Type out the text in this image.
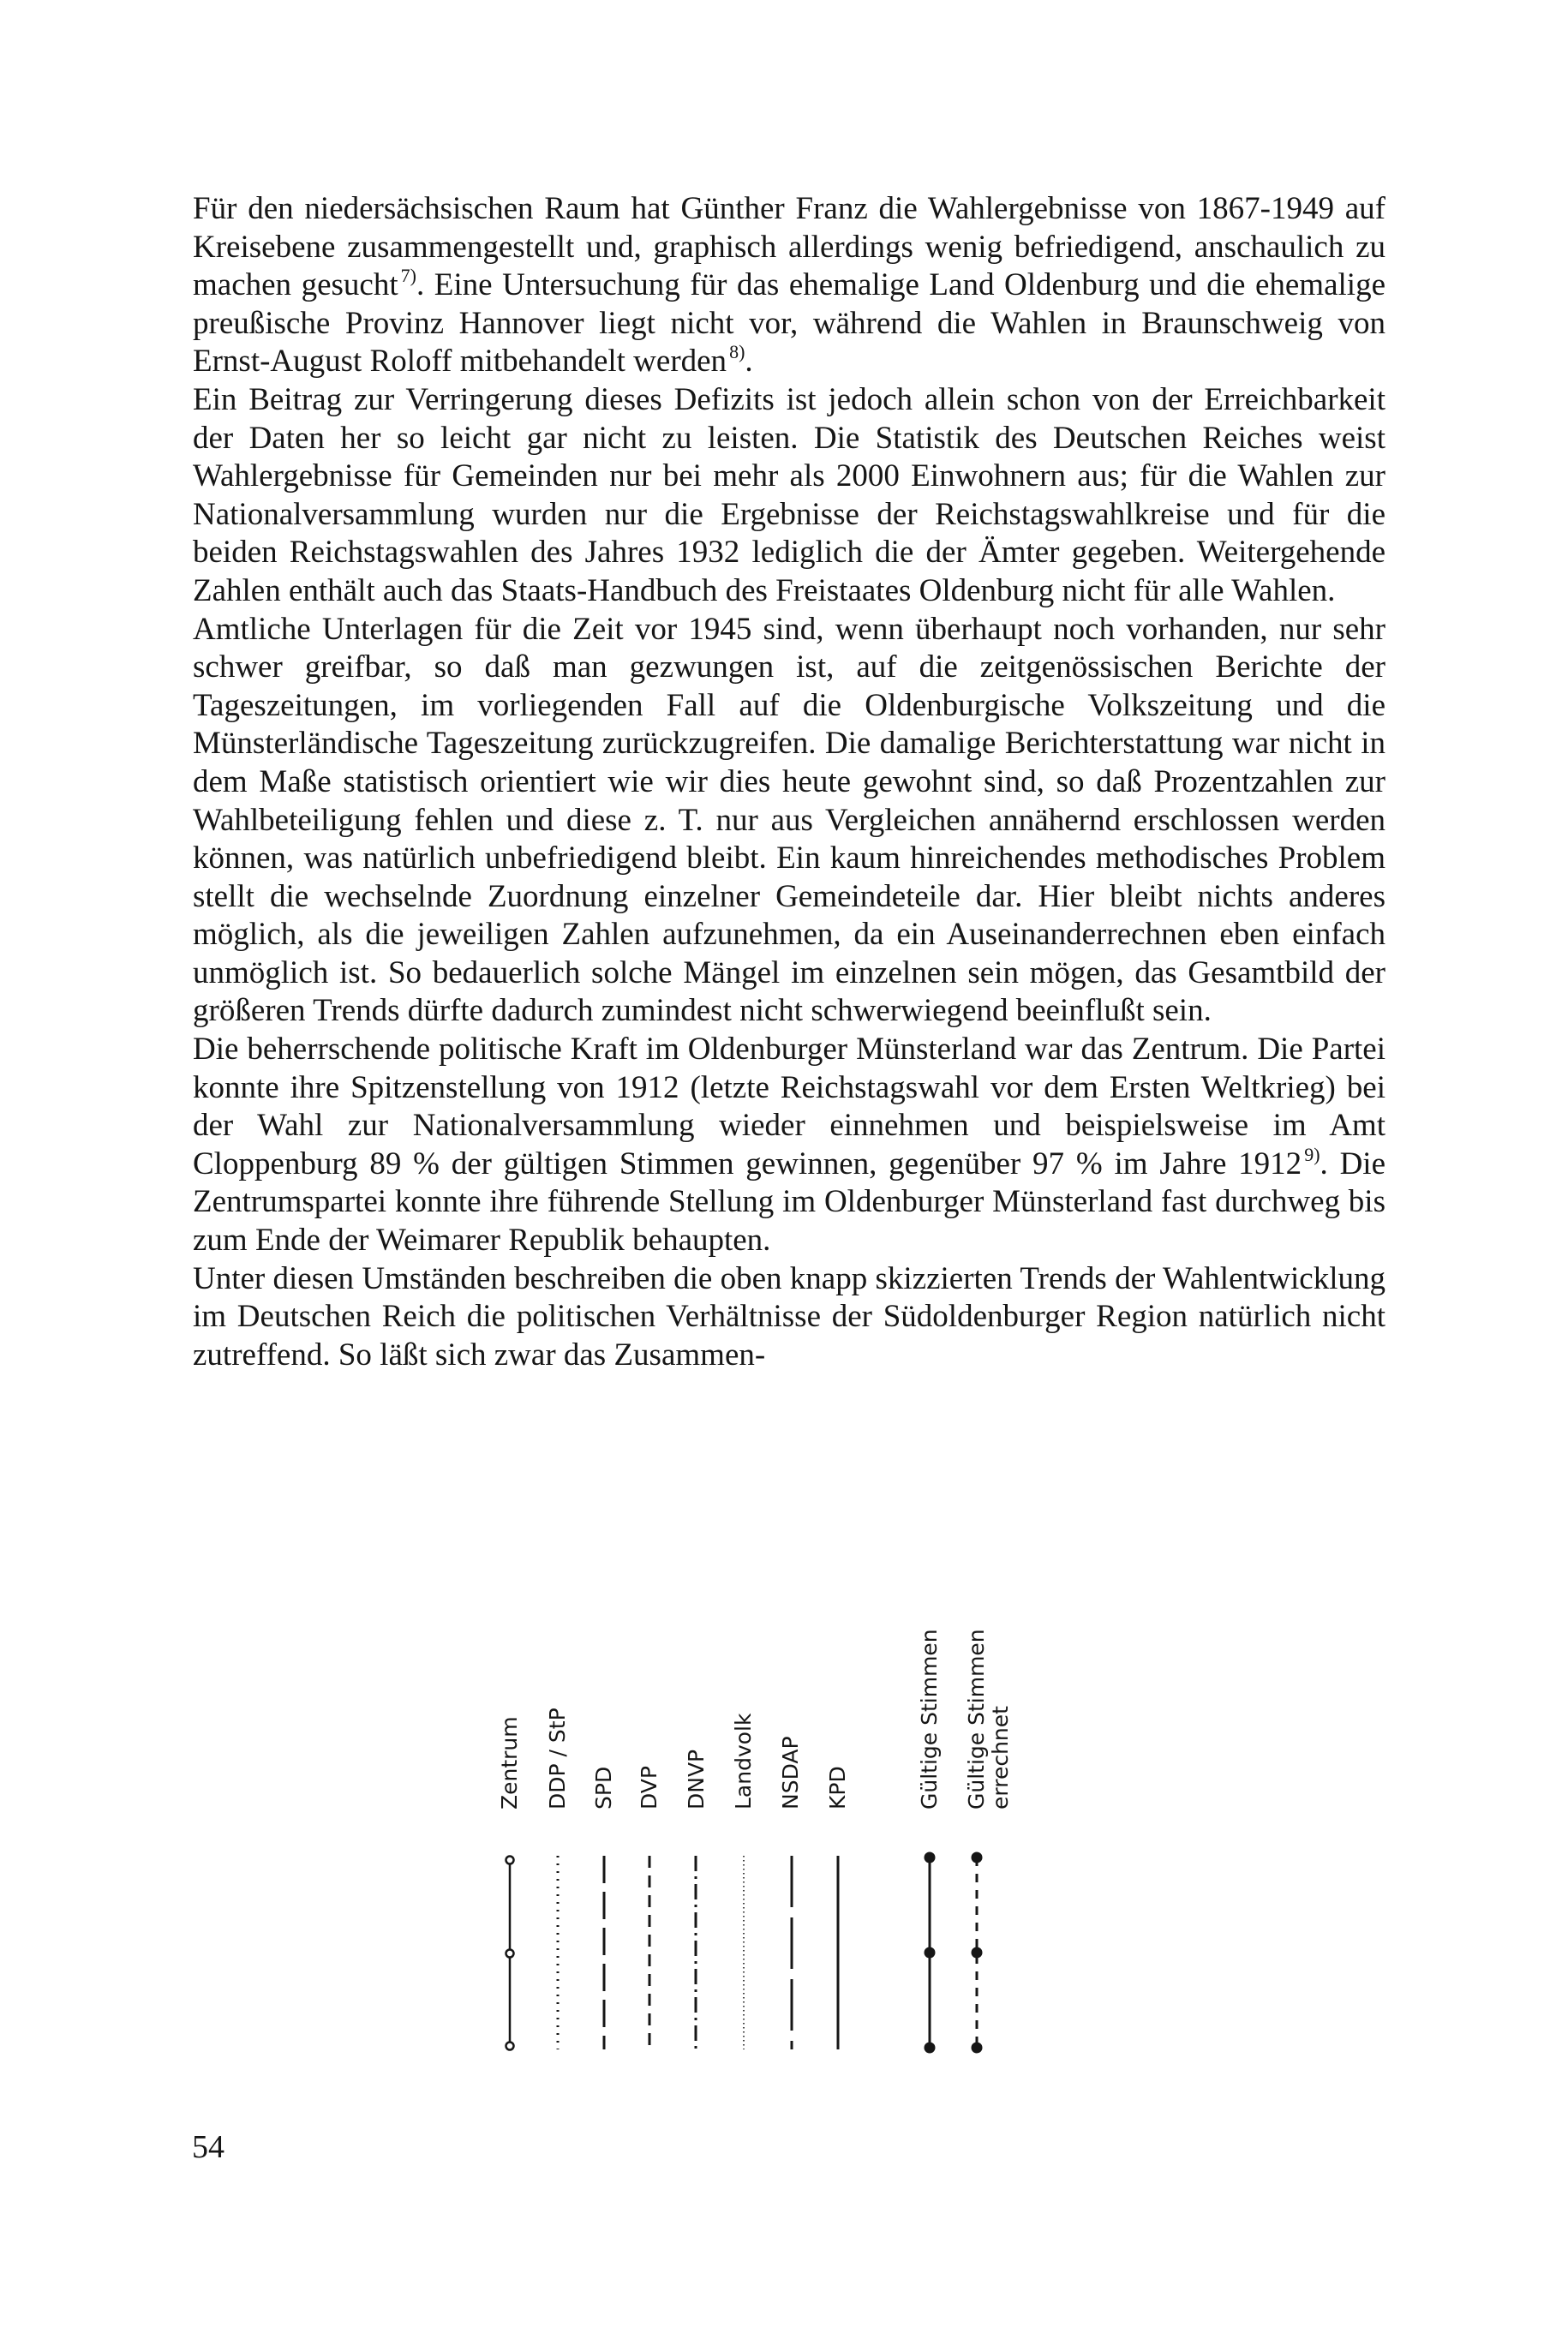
Für den niedersächsischen Raum hat Günther Franz die Wahlergebnisse von 1867-1949 auf Kreisebene zusammengestellt und, graphisch allerdings wenig befriedigend, anschaulich zu machen gesucht $^{7)}$. Eine Untersuchung für das ehemalige Land Oldenburg und die ehemalige preußische Provinz Hannover liegt nicht vor, während die Wahlen in Braunschweig von Ernst-August Roloff mitbehandelt werden $^{8)}$.

Ein Beitrag zur Verringerung dieses Defizits ist jedoch allein schon von der Erreichbarkeit der Daten her so leicht gar nicht zu leisten. Die Statistik des Deutschen Reiches weist Wahlergebnisse für Gemeinden nur bei mehr als 2000 Einwohnern aus; für die Wahlen zur Nationalversammlung wurden nur die Ergebnisse der Reichstagswahlkreise und für die beiden Reichstagswahlen des Jahres 1932 lediglich die der Ämter gegeben. Weitergehende Zahlen enthält auch das Staats-Handbuch des Freistaates Oldenburg nicht für alle Wahlen.

Amtliche Unterlagen für die Zeit vor 1945 sind, wenn überhaupt noch vorhanden, nur sehr schwer greifbar, so daß man gezwungen ist, auf die zeitgenössischen Berichte der Tageszeitungen, im vorliegenden Fall auf die Oldenburgische Volkszeitung und die Münsterländische Tageszeitung zurückzugreifen. Die damalige Berichterstattung war nicht in dem Maße statistisch orientiert wie wir dies heute gewohnt sind, so daß Prozentzahlen zur Wahlbeteiligung fehlen und diese z. T. nur aus Vergleichen annähernd erschlossen werden können, was natürlich unbefriedigend bleibt. Ein kaum hinreichendes methodisches Problem stellt die wechselnde Zuordnung einzelner Gemeindeteile dar. Hier bleibt nichts anderes möglich, als die jeweiligen Zahlen aufzunehmen, da ein Auseinanderrechnen eben einfach unmöglich ist. So bedauerlich solche Mängel im einzelnen sein mögen, das Gesamtbild der größeren Trends dürfte dadurch zumindest nicht schwerwiegend beeinflußt sein.

Die beherrschende politische Kraft im Oldenburger Münsterland war das Zentrum. Die Partei konnte ihre Spitzenstellung von 1912 (letzte Reichstagswahl vor dem Ersten Weltkrieg) bei der Wahl zur Nationalversammlung wieder einnehmen und beispielsweise im Amt Cloppenburg 89 % der gültigen Stimmen gewinnen, gegenüber 97 % im Jahre 1912 $^{9)}$. Die Zentrumspartei konnte ihre führende Stellung im Oldenburger Münsterland fast durchweg bis zum Ende der Weimarer Republik behaupten.

Unter diesen Umständen beschreiben die oben knapp skizzierten Trends der Wahlentwicklung im Deutschen Reich die politischen Verhältnisse der Südoldenburger Region natürlich nicht zutreffend. So läßt sich zwar das Zusammen-

Zentrum DDP / StP SPD DVP DNVP Landvolk NSDAP KPD	Gültige Stimmen Gültige Stimmenerrechnet
54
